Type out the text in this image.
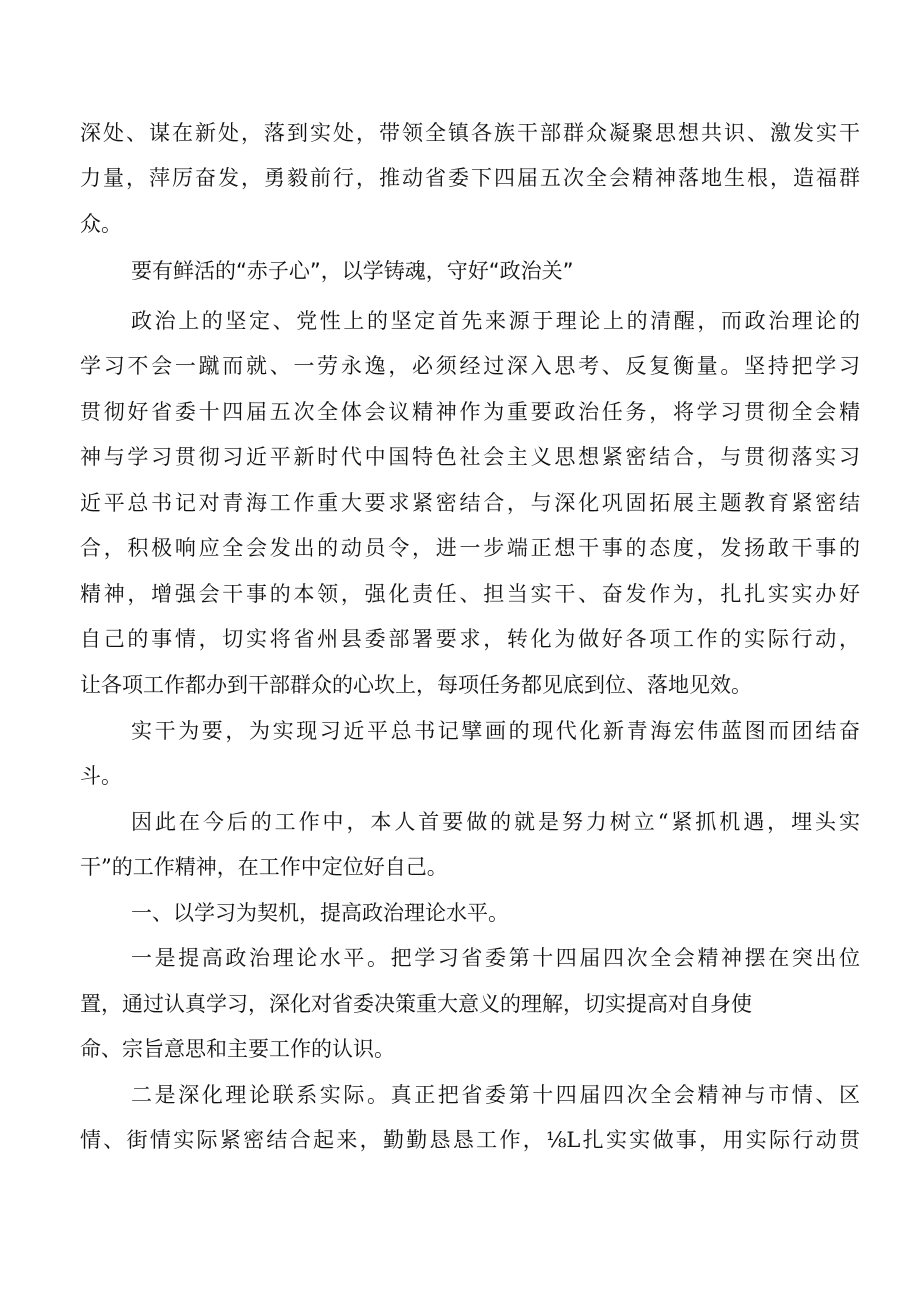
深处、谋在新处，落到实处，带领全镇各族干部群众凝聚思想共识、激发实干
力量，萍厉奋发，勇毅前行，推动省委下四届五次全会精神落地生根，造福群
众。
要有鲜活的“赤子心”，以学铸魂，守好“政治关”
政治上的坚定、党性上的坚定首先来源于理论上的清醒，而政治理论的
学习不会一蹴而就、一劳永逸，必须经过深入思考、反复衡量。坚持把学习
贯彻好省委十四届五次全体会议精神作为重要政治任务，将学习贯彻全会精
神与学习贯彻习近平新时代中国特色社会主义思想紧密结合，与贯彻落实习
近平总书记对青海工作重大要求紧密结合，与深化巩固拓展主题教育紧密结
合，积极响应全会发出的动员令，进一步端正想干事的态度，发扬敢干事的
精神，增强会干事的本领，强化责任、担当实干、奋发作为，扎扎实实办好
自己的事情，切实将省州县委部署要求，转化为做好各项工作的实际行动，
让各项工作都办到干部群众的心坎上，每项任务都见底到位、落地见效。
实干为要，为实现习近平总书记擘画的现代化新青海宏伟蓝图而团结奋
斗。
因此在今后的工作中，本人首要做的就是努力树立“紧抓机遇，埋头实
干”的工作精神，在工作中定位好自己。
一、以学习为契机，提高政治理论水平。
一是提高政治理论水平。把学习省委第十四届四次全会精神摆在突出位
置，通过认真学习，深化对省委决策重大意义的理解，切实提高对自身使
命、宗旨意思和主要工作的认识。
二是深化理论联系实际。真正把省委第十四届四次全会精神与市情、区
情、街情实际紧密结合起来，勤勤恳恳工作，⅛L扎实实做事，用实际行动贯
